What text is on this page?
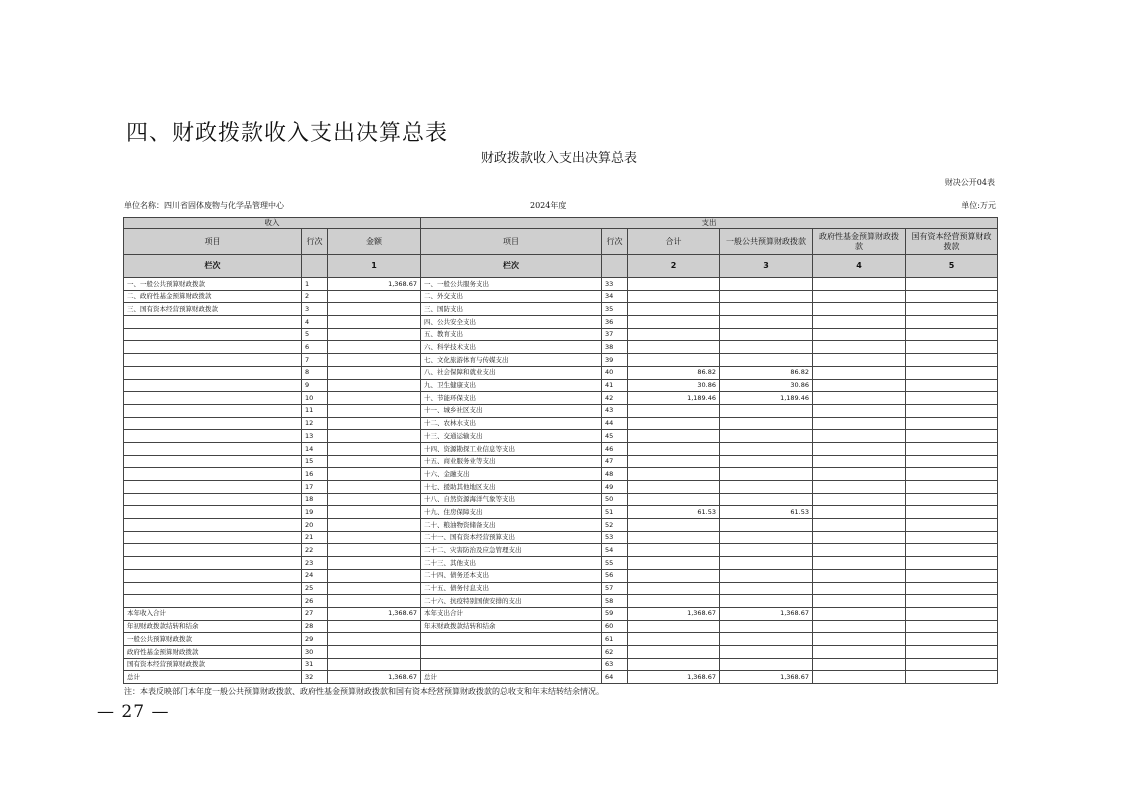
四、财政拨款收入支出决算总表
财政拨款收入支出决算总表
财决公开04表
单位名称：四川省固体废物与化学品管理中心	2024年度	单位:万元
收入			支出					
项目	行次	金额	项目	行次	合计	一般公共预算财政拨款	政府性基金预算财政拨款	国有资本经营预算财政拨款
栏次		1	栏次		2	3	4	5
一、一般公共预算财政拨款	1	1,368.67	一、一般公共服务支出	33				
二、政府性基金预算财政拨款	2		二、外交支出	34				
三、国有资本经营预算财政拨款	3		三、国防支出	35				
	4		四、公共安全支出	36				
	5		五、教育支出	37				
	6		六、科学技术支出	38				
	7		七、文化旅游体育与传媒支出	39				
	8		八、社会保障和就业支出	40	86.82	86.82		
	9		九、卫生健康支出	41	30.86	30.86		
	10		十、节能环保支出	42	1,189.46	1,189.46		
	11		十一、城乡社区支出	43				
	12		十二、农林水支出	44				
	13		十三、交通运输支出	45				
	14		十四、资源勘探工业信息等支出	46				
	15		十五、商业服务业等支出	47				
	16		十六、金融支出	48				
	17		十七、援助其他地区支出	49				
	18		十八、自然资源海洋气象等支出	50				
	19		十九、住房保障支出	51	61.53	61.53		
	20		二十、粮油物资储备支出	52				
	21		二十一、国有资本经营预算支出	53				
	22		二十二、灾害防治及应急管理支出	54				
	23		二十三、其他支出	55				
	24		二十四、债务还本支出	56				
	25		二十五、债务付息支出	57				
	26		二十六、抗疫特别国债安排的支出	58				
本年收入合计	27	1,368.67	本年支出合计	59	1,368.67	1,368.67		
年初财政拨款结转和结余	28		年末财政拨款结转和结余	60				
一般公共预算财政拨款	29			61				
政府性基金预算财政拨款	30			62				
国有资本经营预算财政拨款	31			63				
总计	32	1,368.67	总计	64	1,368.67	1,368.67		
注：本表反映部门本年度一般公共预算财政拨款、政府性基金预算财政拨款和国有资本经营预算财政拨款的总收支和年末结转结余情况。
— 27 —
